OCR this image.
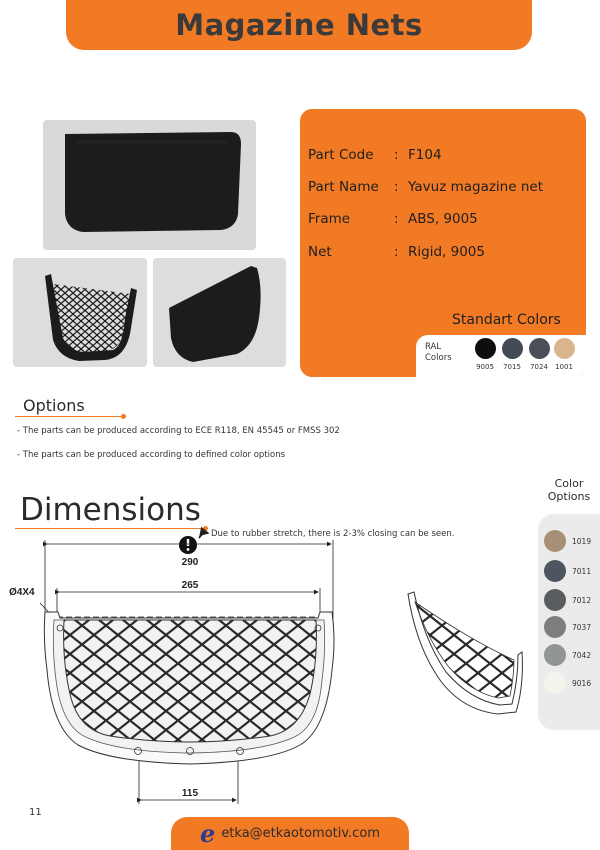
Magazine Nets
Part Code : F104
Part Name : Yavuz magazine net
Frame	: ABS, 9005
Net	: Rigid, 9005
Standart Colors
RAL
Colors
9005 7015 7024 1001
Options
- The parts can be produced according to ECE R118, EN 45545 or FMSS 302
- The parts can be produced according to defined color options
Dimensions
Due to rubber stretch, there is 2-3% closing can be seen.
290
265
115
Ø4X4
Color
Options
1019
7011
7012
7037
7042
9016
11
e etka@etkaotomotiv.com
